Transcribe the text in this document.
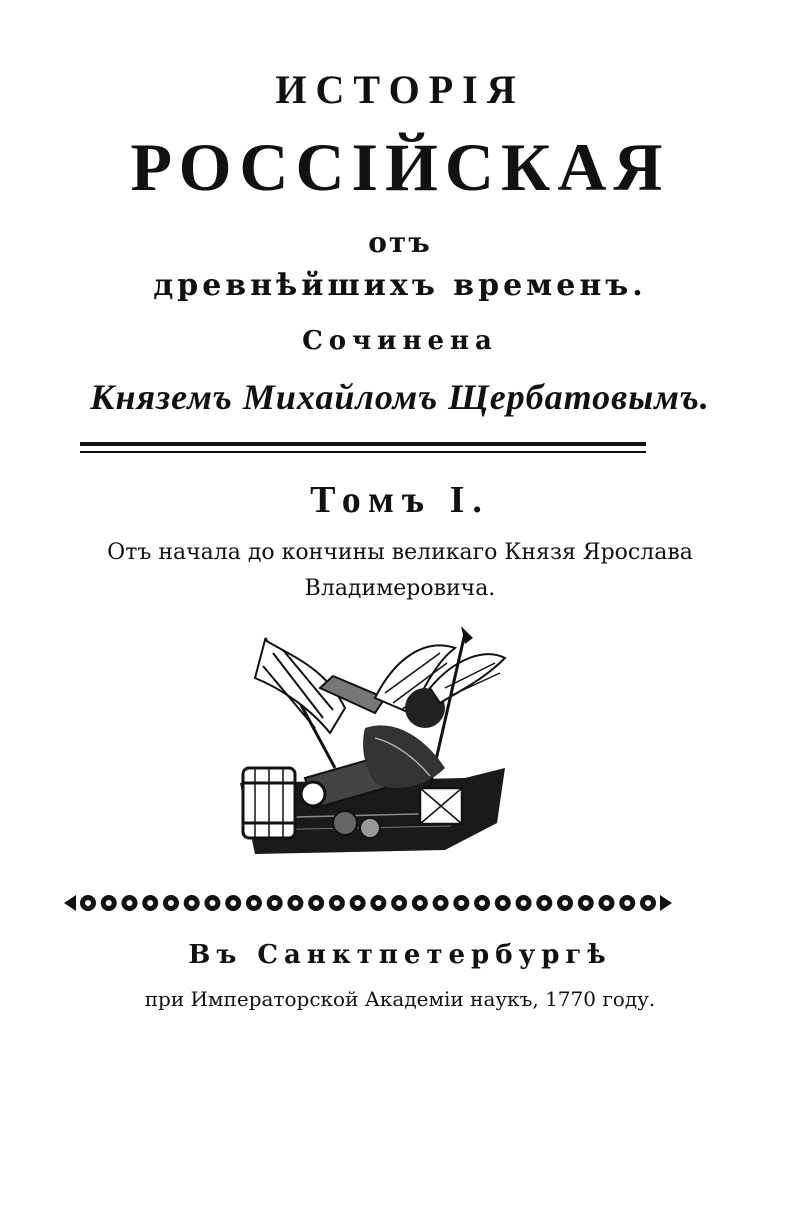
ИСТОРІЯ
РОССІЙСКАЯ
отъ
древнѣйшихъ временъ.
Сочинена
Княземъ Михайломъ Щербатовымъ.
Томъ I.
Отъ начала до кончины великаго Князя Ярослава
Владимеровича.
Въ Санктпетербургѣ
при Императорской Академіи наукъ, 1770 году.
